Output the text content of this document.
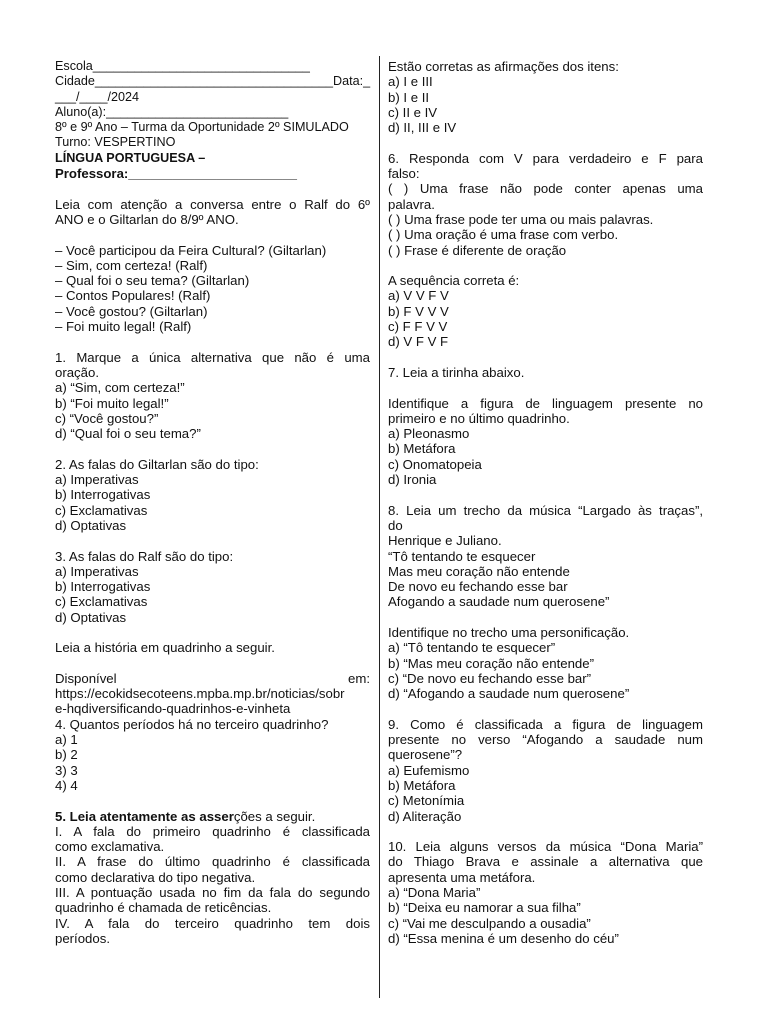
Escola_______________________________
Cidade__________________________________Data:_
___/____/2024
Aluno(a):__________________________
8º e 9º Ano – Turma da Oportunidade 2º SIMULADO
Turno: VESPERTINO
LÍNGUA PORTUGUESA –
Professora:_______________________
Leia com atenção a conversa entre o Ralf do 6º
ANO e o Giltarlan do 8/9º ANO.
– Você participou da Feira Cultural? (Giltarlan)
– Sim, com certeza! (Ralf)
– Qual foi o seu tema? (Giltarlan)
– Contos Populares! (Ralf)
– Você gostou? (Giltarlan)
– Foi muito legal! (Ralf)
1. Marque a única alternativa que não é uma
oração.
a) “Sim, com certeza!”
b) “Foi muito legal!”
c) “Você gostou?”
d) “Qual foi o seu tema?”
2. As falas do Giltarlan são do tipo:
a) Imperativas
b) Interrogativas
c) Exclamativas
d) Optativas
3. As falas do Ralf são do tipo:
a) Imperativas
b) Interrogativas
c) Exclamativas
d) Optativas
Leia a história em quadrinho a seguir.
Disponível em:
https://ecokidsecoteens.mpba.mp.br/noticias/sobr
e-hqdiversificando-quadrinhos-e-vinheta
4. Quantos períodos há no terceiro quadrinho?
a) 1
b) 2
3) 3
4) 4
5. Leia atentamente as asserções a seguir.
I. A fala do primeiro quadrinho é classificada
como exclamativa.
II. A frase do último quadrinho é classificada
como declarativa do tipo negativa.
III. A pontuação usada no fim da fala do segundo
quadrinho é chamada de reticências.
IV. A fala do terceiro quadrinho tem dois
períodos.
Estão corretas as afirmações dos itens:
a) I e III
b) I e II
c) II e IV
d) II, III e IV
6. Responda com V para verdadeiro e F para
falso:
( ) Uma frase não pode conter apenas uma
palavra.
( ) Uma frase pode ter uma ou mais palavras.
( ) Uma oração é uma frase com verbo.
( ) Frase é diferente de oração
A sequência correta é:
a) V V F V
b) F V V V
c) F F V V
d) V F V F
7. Leia a tirinha abaixo.
Identifique a figura de linguagem presente no
primeiro e no último quadrinho.
a) Pleonasmo
b) Metáfora
c) Onomatopeia
d) Ironia
8. Leia um trecho da música “Largado às traças”,
do
Henrique e Juliano.
“Tô tentando te esquecer
Mas meu coração não entende
De novo eu fechando esse bar
Afogando a saudade num querosene”
Identifique no trecho uma personificação.
a) “Tô tentando te esquecer”
b) “Mas meu coração não entende”
c) “De novo eu fechando esse bar”
d) “Afogando a saudade num querosene”
9. Como é classificada a figura de linguagem
presente no verso “Afogando a saudade num
querosene”?
a) Eufemismo
b) Metáfora
c) Metonímia
d) Aliteração
10. Leia alguns versos da música “Dona Maria”
do Thiago Brava e assinale a alternativa que
apresenta uma metáfora.
a) “Dona Maria”
b) “Deixa eu namorar a sua filha”
c) “Vai me desculpando a ousadia”
d) “Essa menina é um desenho do céu”
